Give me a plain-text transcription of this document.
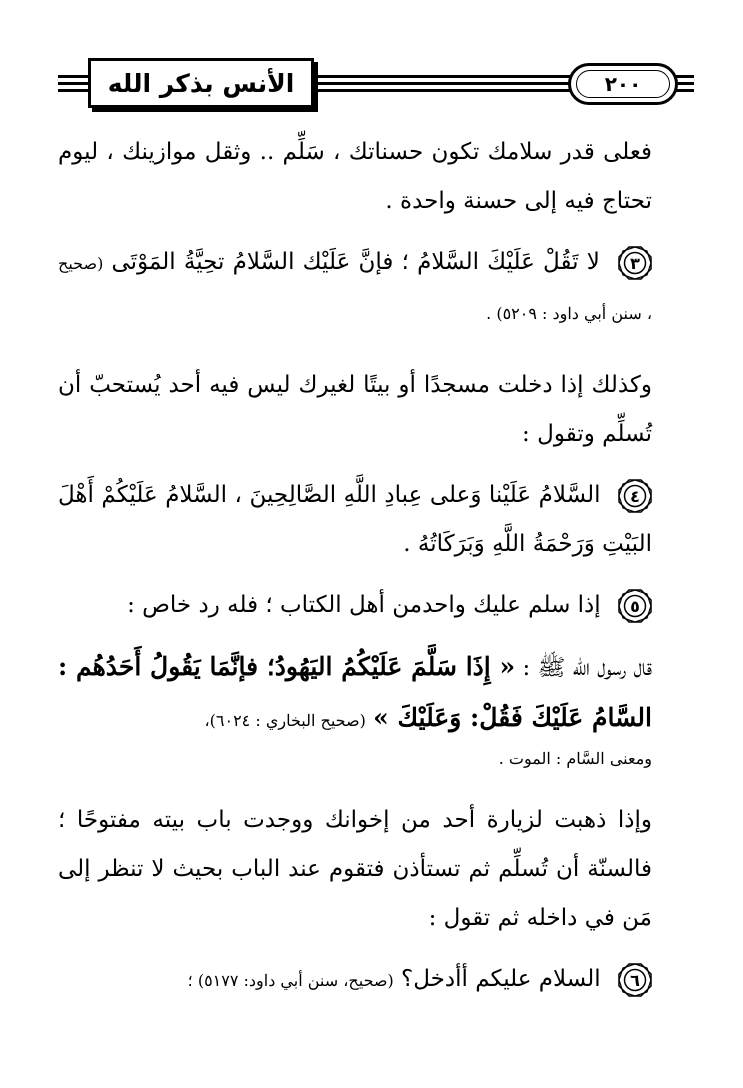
٢٠٠
الأنس بذكر الله

فعلى قدر سلامك تكون حسناتك ، سَلِّم .. وثقل موازينك ، ليوم تحتاج فيه إلى حسنة واحدة .

٣
لا تَقُلْ عَلَيْكَ السَّلامُ ؛ فإنَّ عَلَيْك السَّلامُ تحِيَّةُ المَوْتَى (صحيح ، سنن أبي داود : ٥٢٠٩) .

وكذلك إذا دخلت مسجدًا أو بيتًا لغيرك ليس فيه أحد يُستحبّ أن تُسلِّم وتقول :

٤
السَّلامُ عَلَيْنا وَعلى عِبادِ اللَّهِ الصَّالِحِينَ ، السَّلامُ عَلَيْكُمْ أَهْلَ البَيْتِ وَرَحْمَةُ اللَّهِ وَبَرَكَاتُهُ .
٥
إذا سلم عليك واحدمن أهل الكتاب ؛ فله رد خاص :
قال رسول الله ﷺ : « إِذَا سَلَّمَ عَلَيْكُمُ اليَهُودُ؛ فإنَّمَا يَقُولُ أَحَدُهُم : السَّامُ عَلَيْكَ فَقُلْ: وَعَلَيْكَ » (صحيح البخاري : ٦٠٢٤)،
ومعنى السَّام : الموت .

وإذا ذهبت لزيارة أحد من إخوانك ووجدت باب بيته مفتوحًا ؛ فالسنّة أن تُسلِّم ثم تستأذن فتقوم عند الباب بحيث لا تنظر إلى مَن في داخله ثم تقول :

٦
السلام عليكم أأدخل؟ (صحيح، سنن أبي داود: ٥١٧٧) ؛
